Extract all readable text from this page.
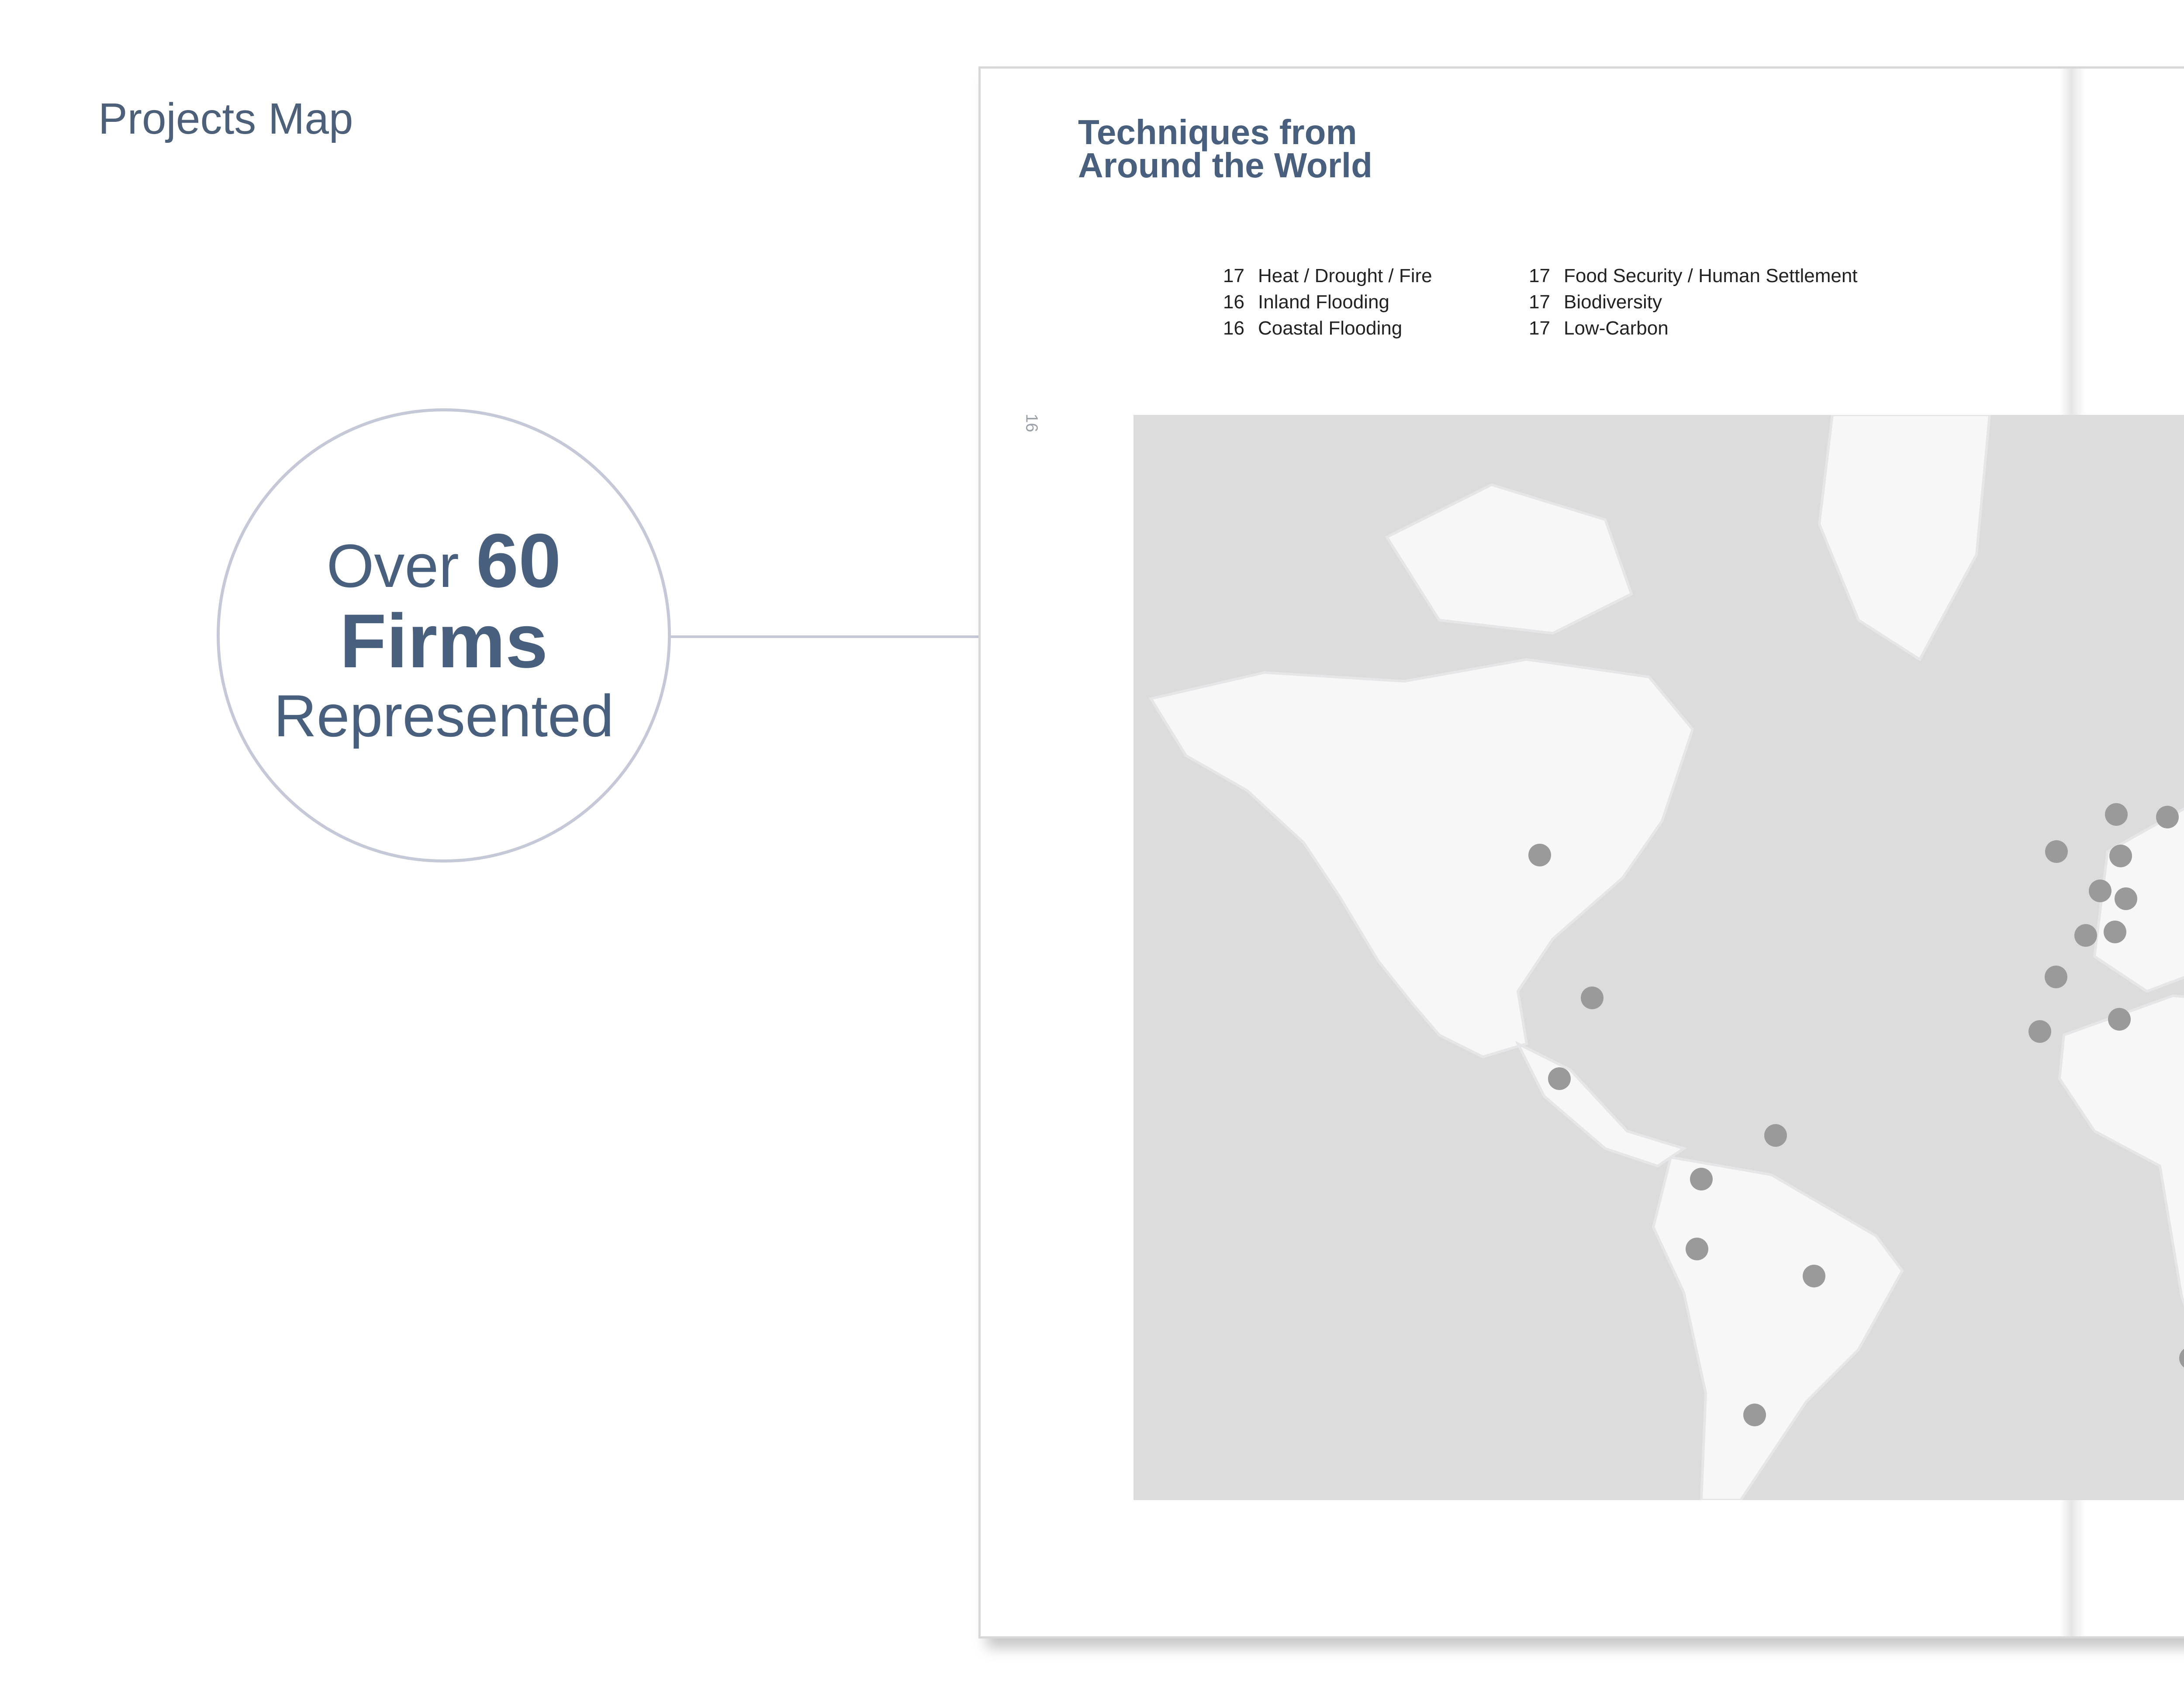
Projects Map
Over 60
Firms
Represented
Techniques from
Around the World
17 Heat / Drought / Fire
16 Inland Flooding
16 Coastal Flooding
17 Food Security / Human Settlement
17 Biodiversity
17 Low-Carbon
16
